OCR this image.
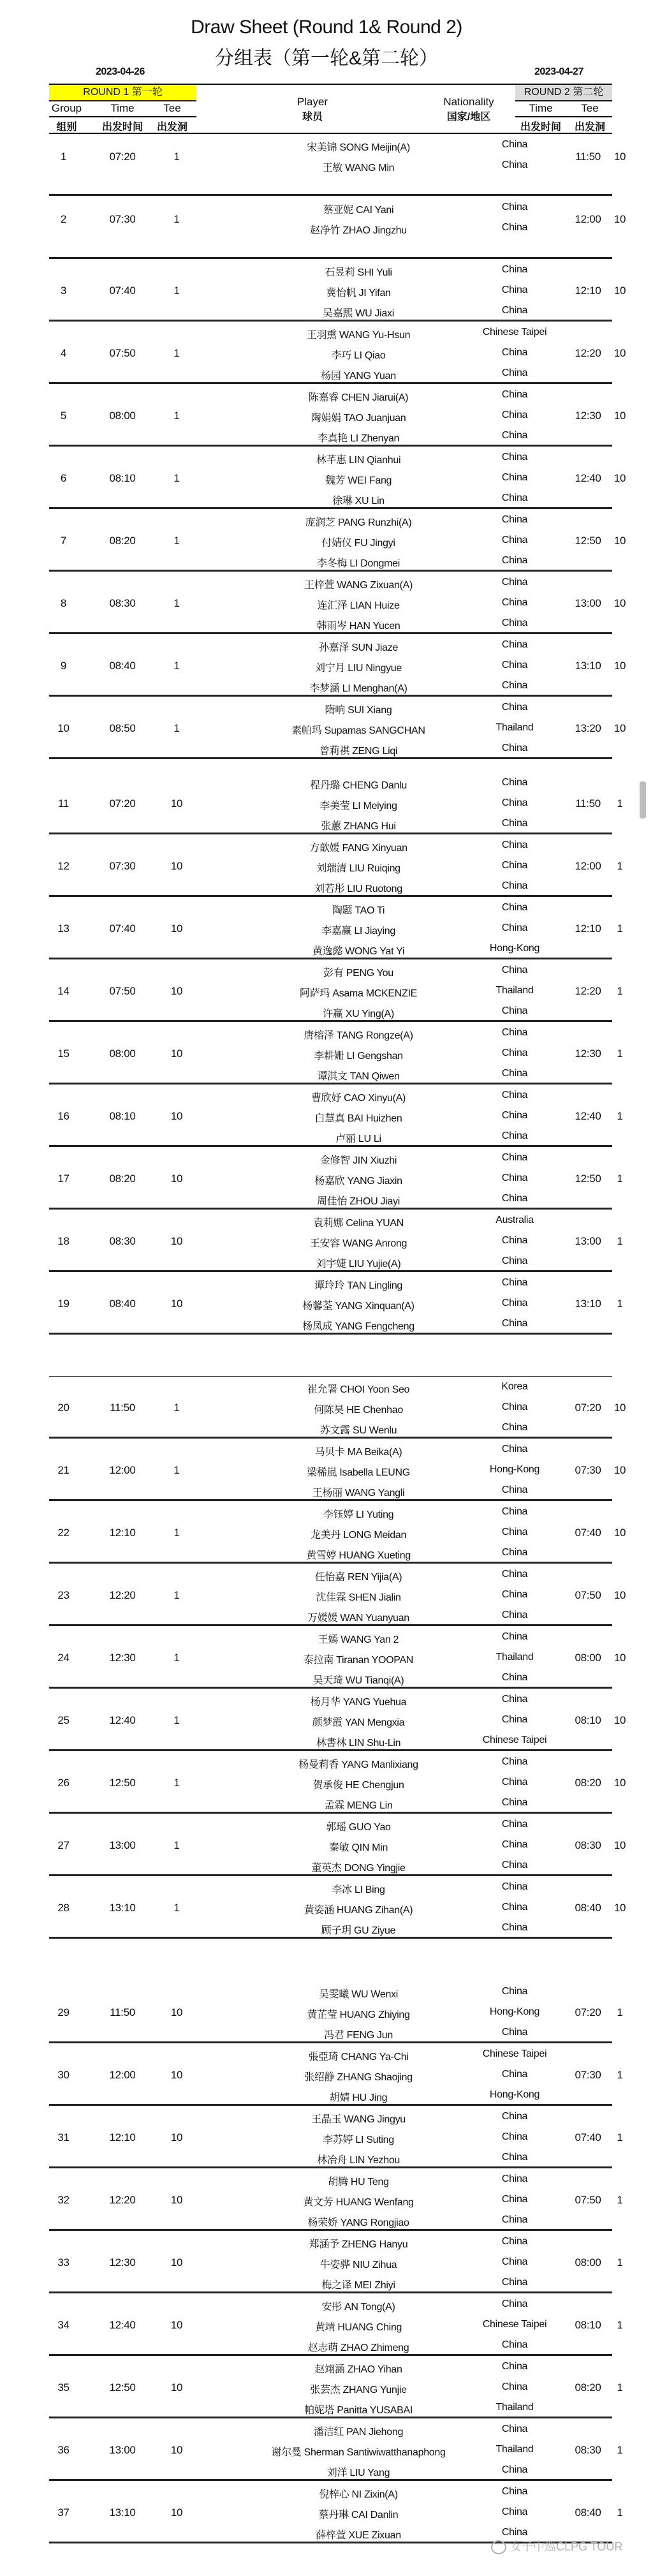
Draw Sheet (Round 1& Round 2)
分组表（第一轮&第二轮）
2023-04-26	2023-04-27
ROUND 1 第一轮	ROUND 2 第二轮
Group	Time	Tee
组别	出发时间	出发洞
Player
球员
Nationality
国家/地区
Time	Tee
出发时间	出发洞
1	07:20	1	11:50	10
宋美锦 SONG Meijin(A)	China
王敏 WANG Min	China
2	07:30	1	12:00	10
蔡亚妮 CAI Yani	China
赵净竹 ZHAO Jingzhu	China
3	07:40	1	12:10	10
石昱莉 SHI Yuli	China
冀怡帆 JI Yifan	China
吴嘉熙 WU Jiaxi	China
4	07:50	1	12:20	10
王羽熏 WANG Yu-Hsun	Chinese Taipei
李巧 LI Qiao	China
杨园 YANG Yuan	China
5	08:00	1	12:30	10
陈嘉睿 CHEN Jiarui(A)	China
陶娟娟 TAO Juanjuan	China
李真艳 LI Zhenyan	China
6	08:10	1	12:40	10
林芊惠 LIN Qianhui	China
魏芳 WEI Fang	China
徐琳 XU Lin	China
7	08:20	1	12:50	10
庞润芝 PANG Runzhi(A)	China
付婧仪 FU Jingyi	China
李冬梅 LI Dongmei	China
8	08:30	1	13:00	10
王梓萱 WANG Zixuan(A)	China
连汇泽 LIAN Huize	China
韩雨岑 HAN Yucen	China
9	08:40	1	13:10	10
孙嘉泽 SUN Jiaze	China
刘宁月 LIU Ningyue	China
李梦涵 LI Menghan(A)	China
10	08:50	1	13:20	10
隋响 SUI Xiang	China
素帕玛 Supamas SANGCHAN	Thailand
曾莉祺 ZENG Liqi	China
11	07:20	10	11:50	1
程丹璐 CHENG Danlu	China
李美莹 LI Meiying	China
张蕙 ZHANG Hui	China
12	07:30	10	12:00	1
方歆媛 FANG Xinyuan	China
刘瑞清 LIU Ruiqing	China
刘若彤 LIU Ruotong	China
13	07:40	10	12:10	1
陶题 TAO Ti	China
李嘉赢 LI Jiaying	China
黄逸懿 WONG Yat Yi	Hong-Kong
14	07:50	10	12:20	1
彭有 PENG You	China
阿萨玛 Asama MCKENZIE	Thailand
许赢 XU Ying(A)	China
15	08:00	10	12:30	1
唐榕泽 TANG Rongze(A)	China
李耕姗 LI Gengshan	China
谭淇文 TAN Qiwen	China
16	08:10	10	12:40	1
曹欣妤 CAO Xinyu(A)	China
白慧真 BAI Huizhen	China
卢丽 LU Li	China
17	08:20	10	12:50	1
金修智 JIN Xiuzhi	China
杨嘉欣 YANG Jiaxin	China
周佳怡 ZHOU Jiayi	China
18	08:30	10	13:00	1
袁莉娜 Celina YUAN	Australia
王安容 WANG Anrong	China
刘宇婕 LIU Yujie(A)	China
19	08:40	10	13:10	1
谭玲玲 TAN Lingling	China
杨馨荃 YANG Xinquan(A)	China
杨凤成 YANG Fengcheng	China
20	11:50	1	07:20	10
崔允署 CHOI Yoon Seo	Korea
何陈昊 HE Chenhao	China
苏文露 SU Wenlu	China
21	12:00	1	07:30	10
马贝卡 MA Beika(A)	China
梁稀嵐 Isabella LEUNG	Hong-Kong
王杨丽 WANG Yangli	China
22	12:10	1	07:40	10
李钰婷 LI Yuting	China
龙美丹 LONG Meidan	China
黄雪婷 HUANG Xueting	China
23	12:20	1	07:50	10
任怡嘉 REN Yijia(A)	China
沈佳霖 SHEN Jialin	China
万媛媛 WAN Yuanyuan	China
24	12:30	1	08:00	10
王嫣 WANG Yan 2	China
泰拉南 Tiranan YOOPAN	Thailand
吴天琦 WU Tianqi(A)	China
25	12:40	1	08:10	10
杨月华 YANG Yuehua	China
颜梦霞 YAN Mengxia	China
林書林 LIN Shu-Lin	Chinese Taipei
26	12:50	1	08:20	10
杨曼莉香 YANG Manlixiang	China
贺承俊 HE Chengjun	China
孟霖 MENG Lin	China
27	13:00	1	08:30	10
郭瑶 GUO Yao	China
秦敏 QIN Min	China
董英杰 DONG Yingjie	China
28	13:10	1	08:40	10
李冰 LI Bing	China
黄姿涵 HUANG Zihan(A)	China
顾子玥 GU Ziyue	China
29	11:50	10	07:20	1
吴雯曦 WU Wenxi	China
黄芷莹 HUANG Zhiying	Hong-Kong
冯君 FENG Jun	China
30	12:00	10	07:30	1
張亞琦 CHANG Ya-Chi	Chinese Taipei
张绍静 ZHANG Shaojing	China
胡婧 HU Jing	Hong-Kong
31	12:10	10	07:40	1
王晶玉 WANG Jingyu	China
李苏婷 LI Suting	China
林冶舟 LIN Yezhou	China
32	12:20	10	07:50	1
胡腾 HU Teng	China
黄文芳 HUANG Wenfang	China
杨荣娇 YANG Rongjiao	China
33	12:30	10	08:00	1
郑涵予 ZHENG Hanyu	China
牛姿骅 NIU Zihua	China
梅之译 MEI Zhiyi	China
34	12:40	10	08:10	1
安彤 AN Tong(A)	China
黄靖 HUANG Ching	Chinese Taipei
赵志萌 ZHAO Zhimeng	China
35	12:50	10	08:20	1
赵翊涵 ZHAO Yihan	China
张芸杰 ZHANG Yunjie	China
帕妮塔 Panitta YUSABAI	Thailand
36	13:00	10	08:30	1
潘洁红 PAN Jiehong	China
谢尔曼 Sherman Santiwiwatthanaphong	Thailand
刘洋 LIU Yang	China
37	13:10	10	08:40	1
倪梓心 NI Zixin(A)	China
蔡丹琳 CAI Danlin	China
薛梓萱 XUE Zixuan	China
女子中巡CLPG TOUR
